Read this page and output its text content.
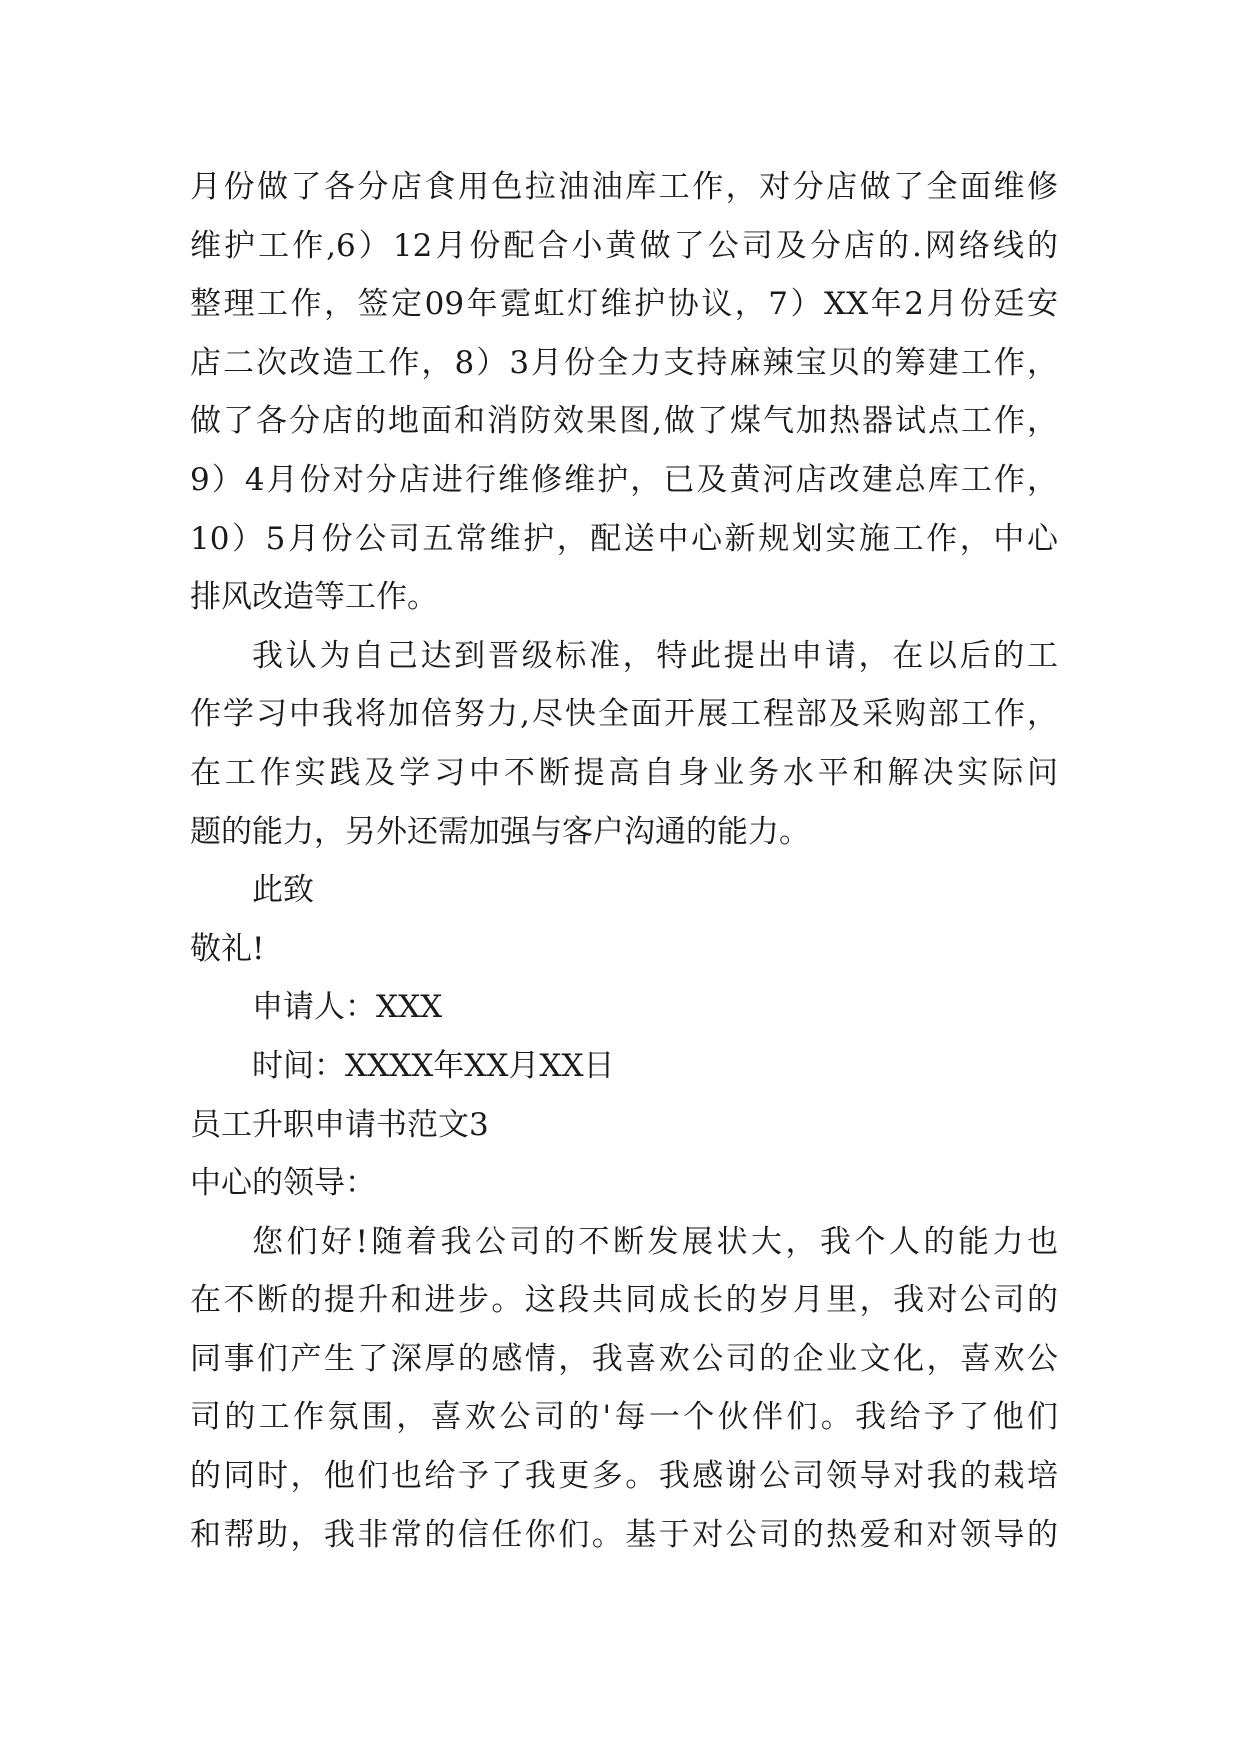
月份做了各分店食用色拉油油库工作，对分店做了全面维修
维护工作,6）12月份配合小黄做了公司及分店的.网络线的
整理工作，签定09年霓虹灯维护协议，7）XX年2月份廷安
店二次改造工作，8）3月份全力支持麻辣宝贝的筹建工作，
做了各分店的地面和消防效果图,做了煤气加热器试点工作，
9）4月份对分店进行维修维护，已及黄河店改建总库工作，
10）5月份公司五常维护，配送中心新规划实施工作，中心
排风改造等工作。
我认为自己达到晋级标准，特此提出申请，在以后的工
作学习中我将加倍努力,尽快全面开展工程部及采购部工作，
在工作实践及学习中不断提高自身业务水平和解决实际问
题的能力，另外还需加强与客户沟通的能力。
此致
敬礼!
申请人：XXX
时间：XXXX年XX月XX日
员工升职申请书范文3
中心的领导：
您们好!随着我公司的不断发展状大，我个人的能力也
在不断的提升和进步。这段共同成长的岁月里，我对公司的
同事们产生了深厚的感情，我喜欢公司的企业文化，喜欢公
司的工作氛围，喜欢公司的'每一个伙伴们。我给予了他们
的同时，他们也给予了我更多。我感谢公司领导对我的栽培
和帮助，我非常的信任你们。基于对公司的热爱和对领导的
